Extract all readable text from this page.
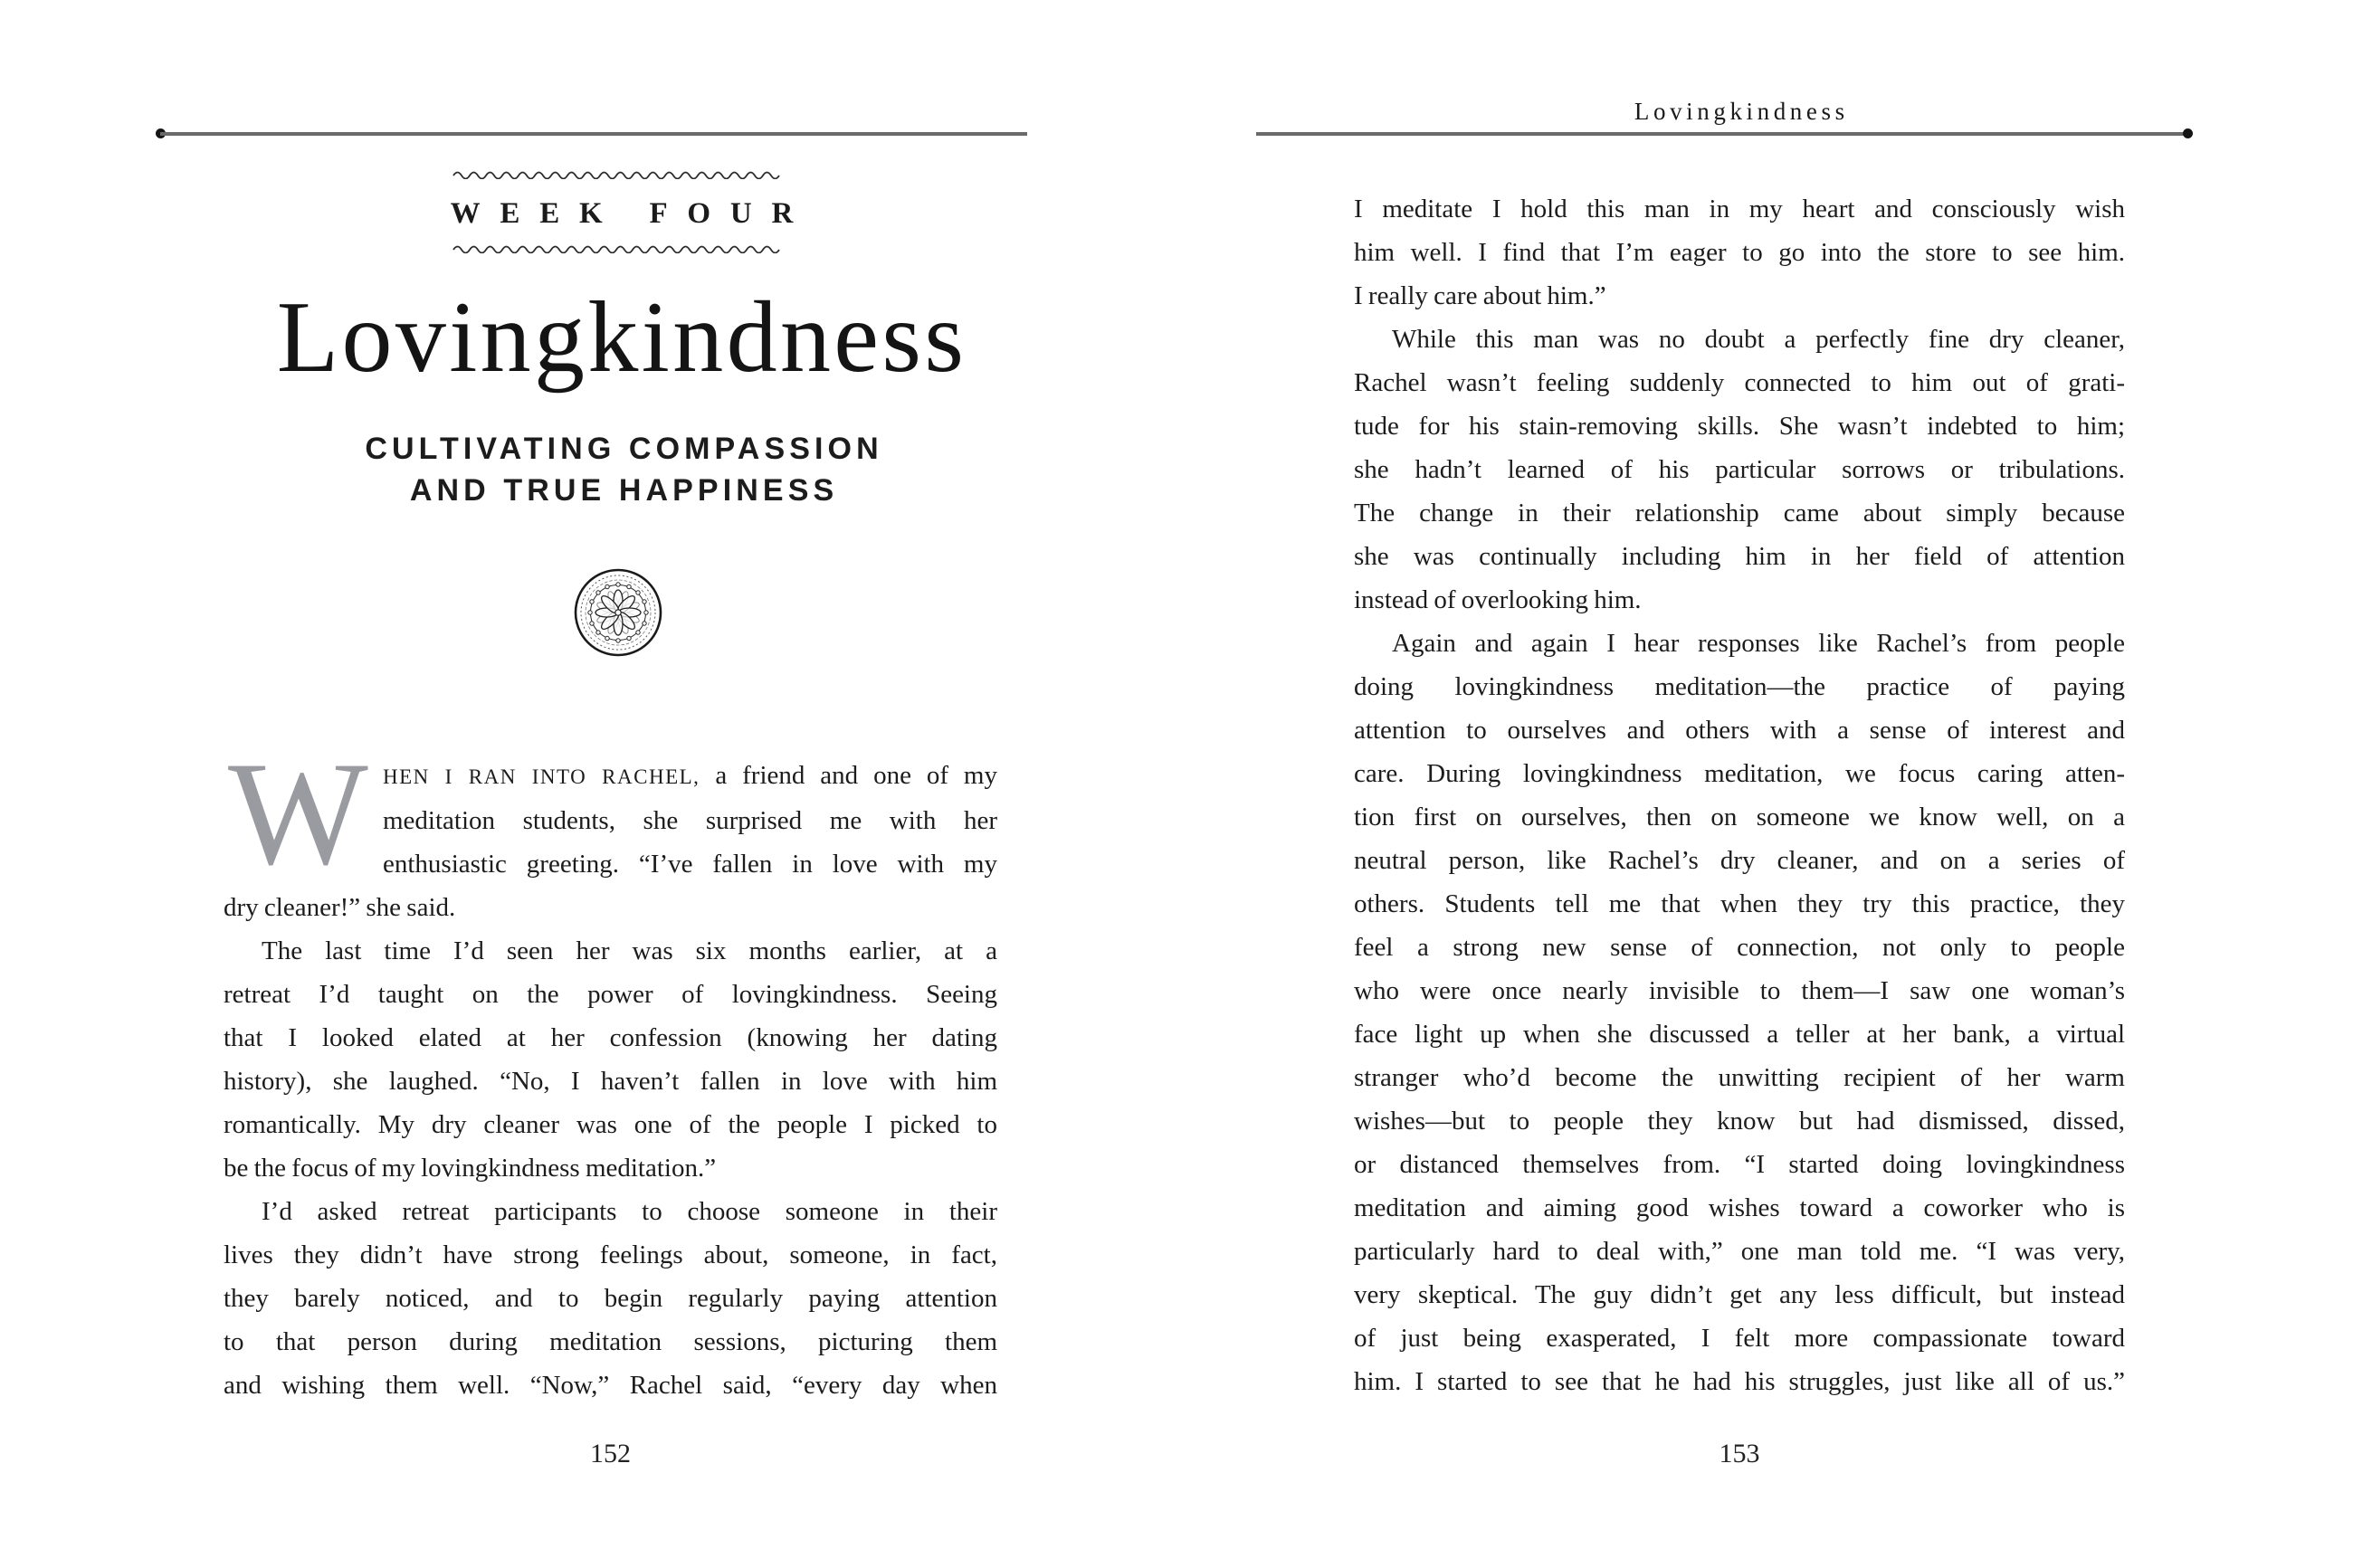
WEEK FOUR
Lovingkindness
CULTIVATING COMPASSION
AND TRUE HAPPINESS
W HEN I RAN INTO RACHEL, a friend and one of my
meditation students, she surprised me with her
enthusiastic greeting. “I’ve fallen in love with my
dry cleaner!” she said.
The last time I’d seen her was six months earlier, at a
retreat I’d taught on the power of lovingkindness. Seeing
that I looked elated at her confession (knowing her dating
history), she laughed. “No, I haven’t fallen in love with him
romantically. My dry cleaner was one of the people I picked to
be the focus of my lovingkindness meditation.”
I’d asked retreat participants to choose someone in their
lives they didn’t have strong feelings about, someone, in fact,
they barely noticed, and to begin regularly paying attention
to that person during meditation sessions, picturing them
and wishing them well. “Now,” Rachel said, “every day when
152
Lovingkindness
I meditate I hold this man in my heart and consciously wish
him well. I find that I’m eager to go into the store to see him.
I really care about him.”
While this man was no doubt a perfectly fine dry cleaner,
Rachel wasn’t feeling suddenly connected to him out of grati-
tude for his stain-removing skills. She wasn’t indebted to him;
she hadn’t learned of his particular sorrows or tribulations.
The change in their relationship came about simply because
she was continually including him in her field of attention
instead of overlooking him.
Again and again I hear responses like Rachel’s from people
doing lovingkindness meditation—the practice of paying
attention to ourselves and others with a sense of interest and
care. During lovingkindness meditation, we focus caring atten-
tion first on ourselves, then on someone we know well, on a
neutral person, like Rachel’s dry cleaner, and on a series of
others. Students tell me that when they try this practice, they
feel a strong new sense of connection, not only to people
who were once nearly invisible to them—I saw one woman’s
face light up when she discussed a teller at her bank, a virtual
stranger who’d become the unwitting recipient of her warm
wishes—but to people they know but had dismissed, dissed,
or distanced themselves from. “I started doing lovingkindness
meditation and aiming good wishes toward a coworker who is
particularly hard to deal with,” one man told me. “I was very,
very skeptical. The guy didn’t get any less difficult, but instead
of just being exasperated, I felt more compassionate toward
him. I started to see that he had his struggles, just like all of us.”
153
